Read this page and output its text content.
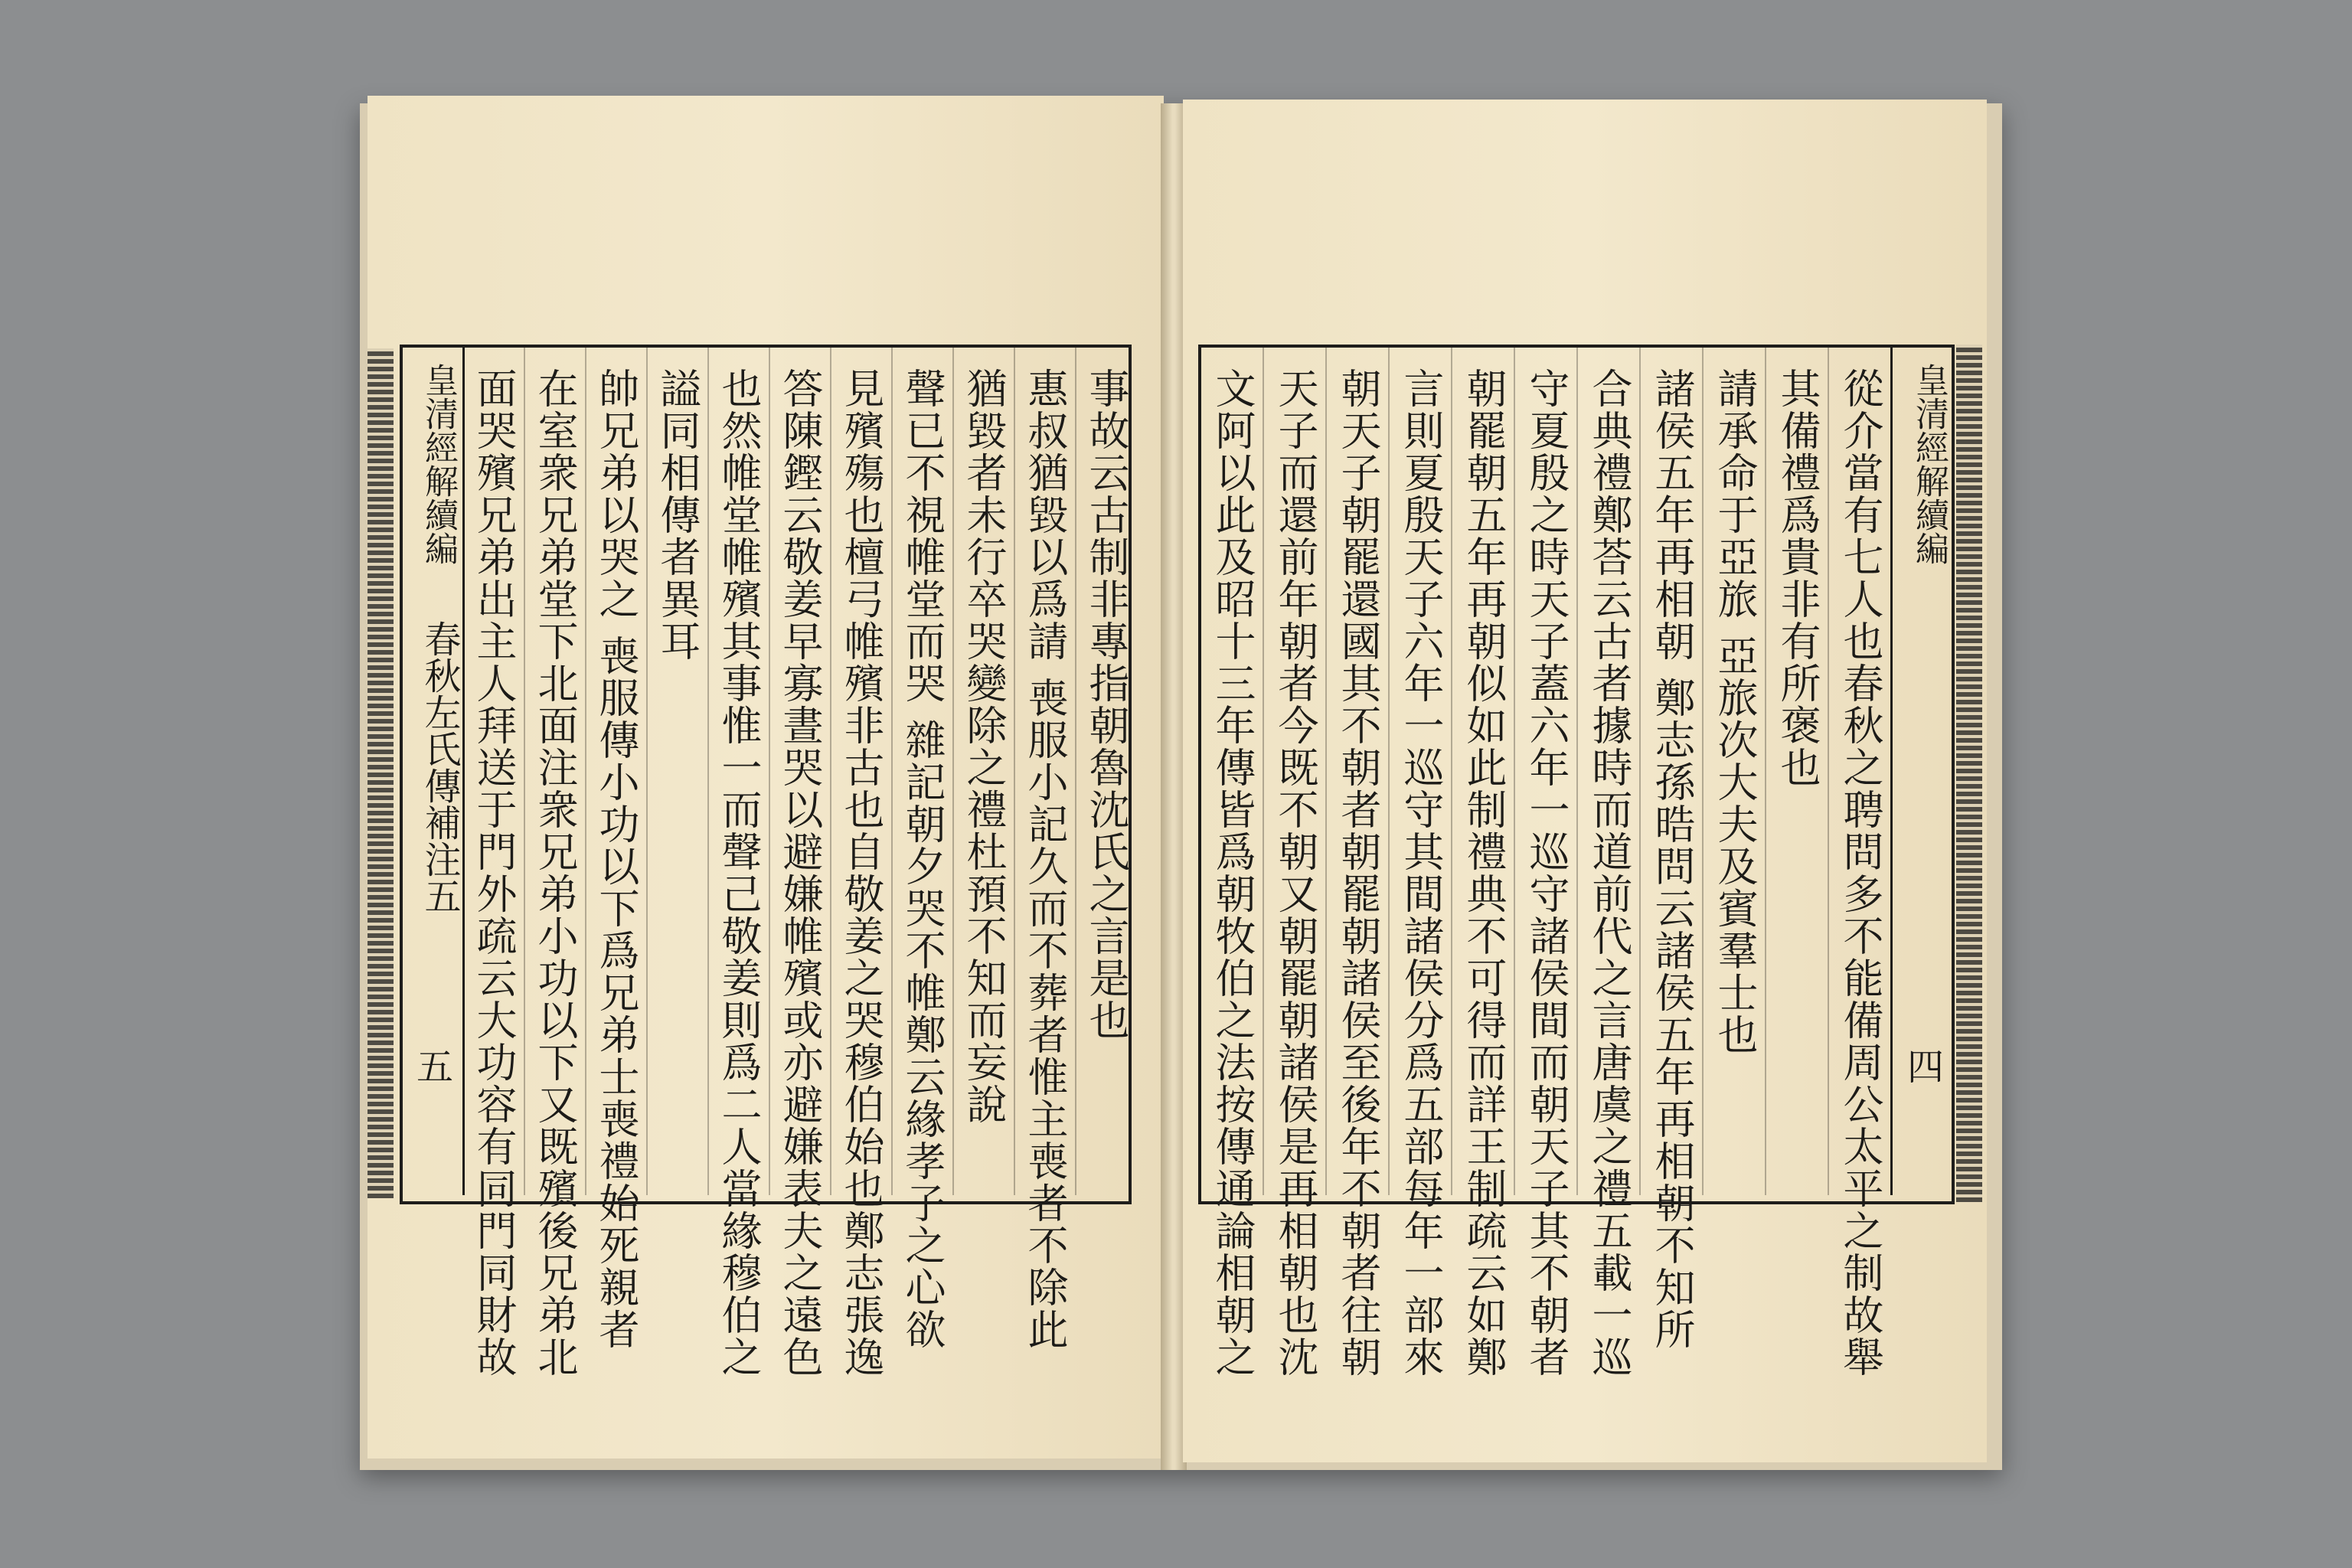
皇清經解續編
春秋左氏傳補注五
五 面哭殯兄弟出主人拜送于門外疏云大功容有同門同財故 在室衆兄弟堂下北面注衆兄弟小功以下又既殯後兄弟北 帥兄弟以哭之 喪服傳小功以下爲兄弟士喪禮始死親者 謚同相傳者異耳 也然帷堂帷殯其事惟一而聲己敬姜則爲二人當緣穆伯之 答陳鏗云敬姜早寡晝哭以避嫌帷殯或亦避嫌表夫之遠色 見殯殤也檀弓帷殯非古也自敬姜之哭穆伯始也鄭志張逸 聲已不視帷堂而哭 雜記朝夕哭不帷鄭云緣孝子之心欲 猶毀者未行卒哭變除之禮杜預不知而妄說 惠叔猶毀以爲請 喪服小記久而不葬者惟主喪者不除此 事故云古制非專指朝魯沈氏之言是也 文阿以此及昭十三年傳皆爲朝牧伯之法按傳通論相朝之 天子而還前年朝者今既不朝又朝罷朝諸侯是再相朝也沈 朝天子朝罷還國其不朝者朝罷朝諸侯至後年不朝者往朝 言則夏殷天子六年一巡守其間諸侯分爲五部每年一部來 朝罷朝五年再朝似如此制禮典不可得而詳王制疏云如鄭 守夏殷之時天子蓋六年一巡守諸侯間而朝天子其不朝者 合典禮鄭荅云古者據時而道前代之言唐虞之禮五載一巡 諸侯五年再相朝 鄭志孫晧問云諸侯五年再相朝不知所 請承命于亞旅 亞旅次大夫及賓羣士也 其備禮爲貴非有所褒也 從介當有七人也春秋之聘問多不能備周公太平之制故舉 皇清經解續編
四
